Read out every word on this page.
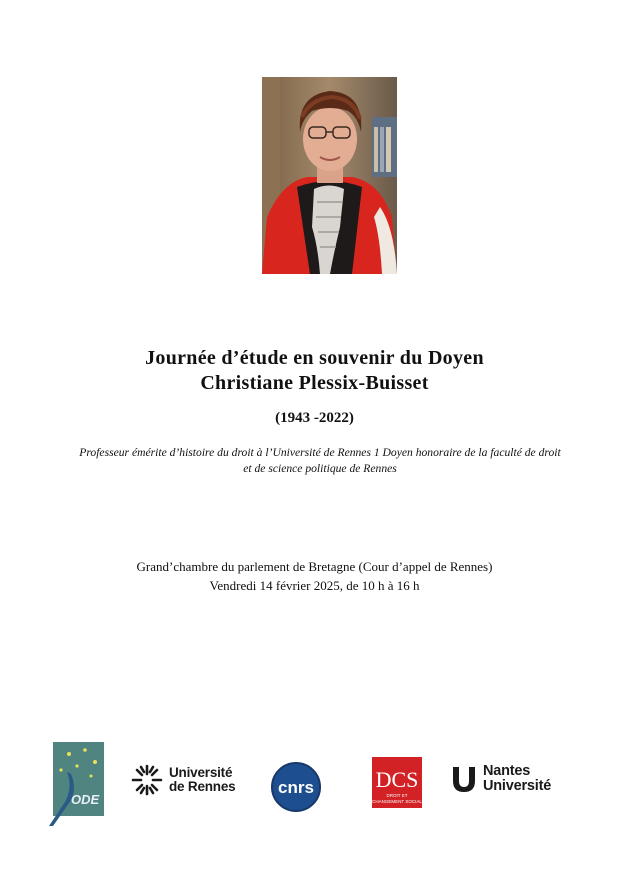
Journée d’étude en souvenir du Doyen
Christiane Plessix-Buisset
(1943 -2022)
Professeur émérite d’histoire du droit à l’Université de Rennes 1 Doyen honoraire de la faculté de droit
et de science politique de Rennes
Grand’chambre du parlement de Bretagne (Cour d’appel de Rennes)
Vendredi 14 février 2025, de 10 h à 16 h
ODE
Université
de Rennes	cnrs	DCS
DROIT ET
CHANGEMENT SOCIAL
Nantes
Université
